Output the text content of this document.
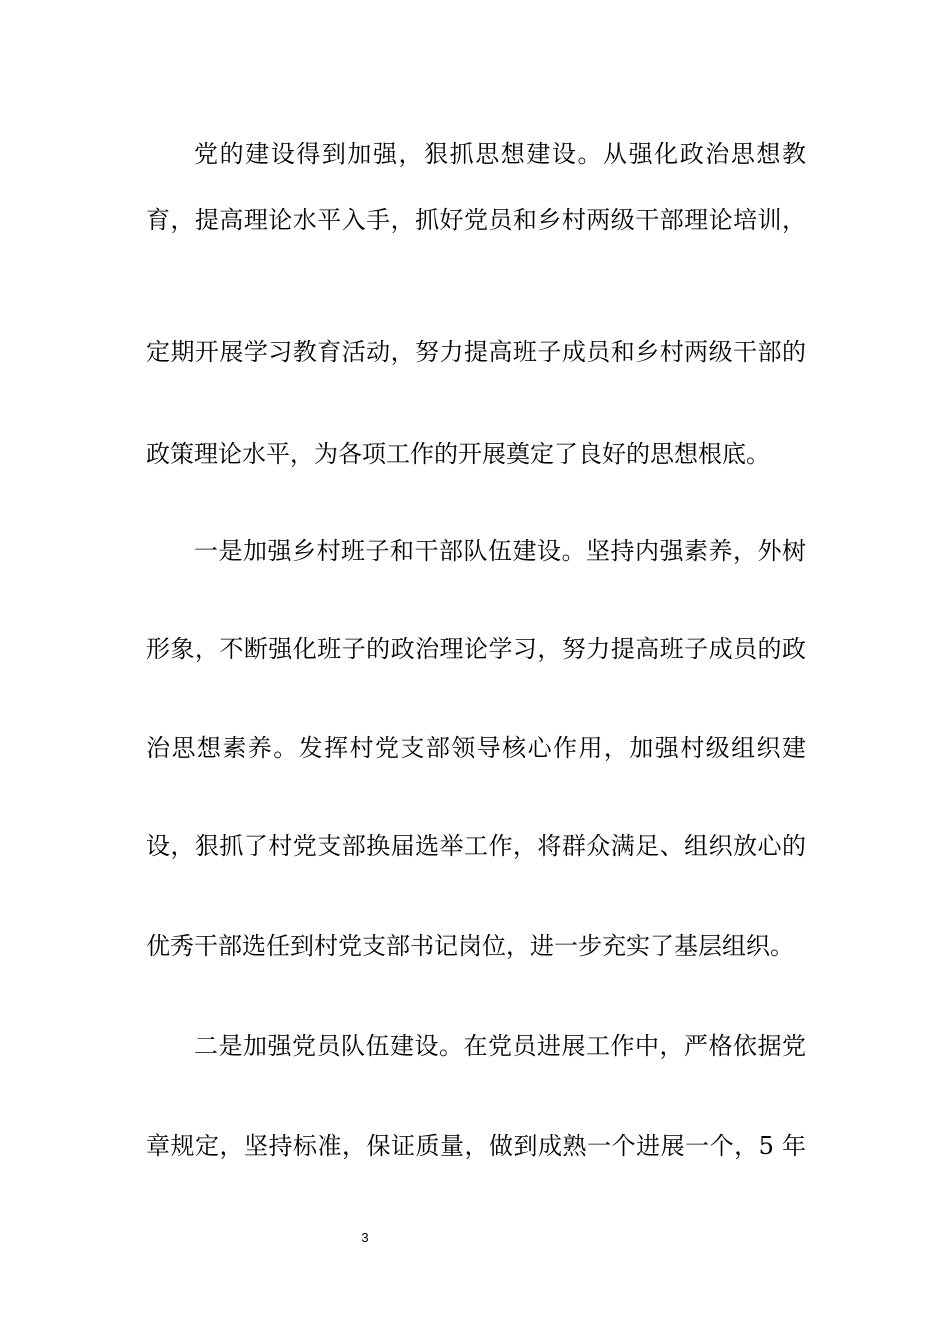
党的建设得到加强，狠抓思想建设。从强化政治思想教
育，提高理论水平入手，抓好党员和乡村两级干部理论培训，
定期开展学习教育活动，努力提高班子成员和乡村两级干部的
政策理论水平，为各项工作的开展奠定了良好的思想根底。
一是加强乡村班子和干部队伍建设。坚持内强素养，外树
形象，不断强化班子的政治理论学习，努力提高班子成员的政
治思想素养。发挥村党支部领导核心作用，加强村级组织建
设，狠抓了村党支部换届选举工作，将群众满足、组织放心的
优秀干部选任到村党支部书记岗位，进一步充实了基层组织。
二是加强党员队伍建设。在党员进展工作中，严格依据党
章规定，坚持标准，保证质量，做到成熟一个进展一个，5 年
3
